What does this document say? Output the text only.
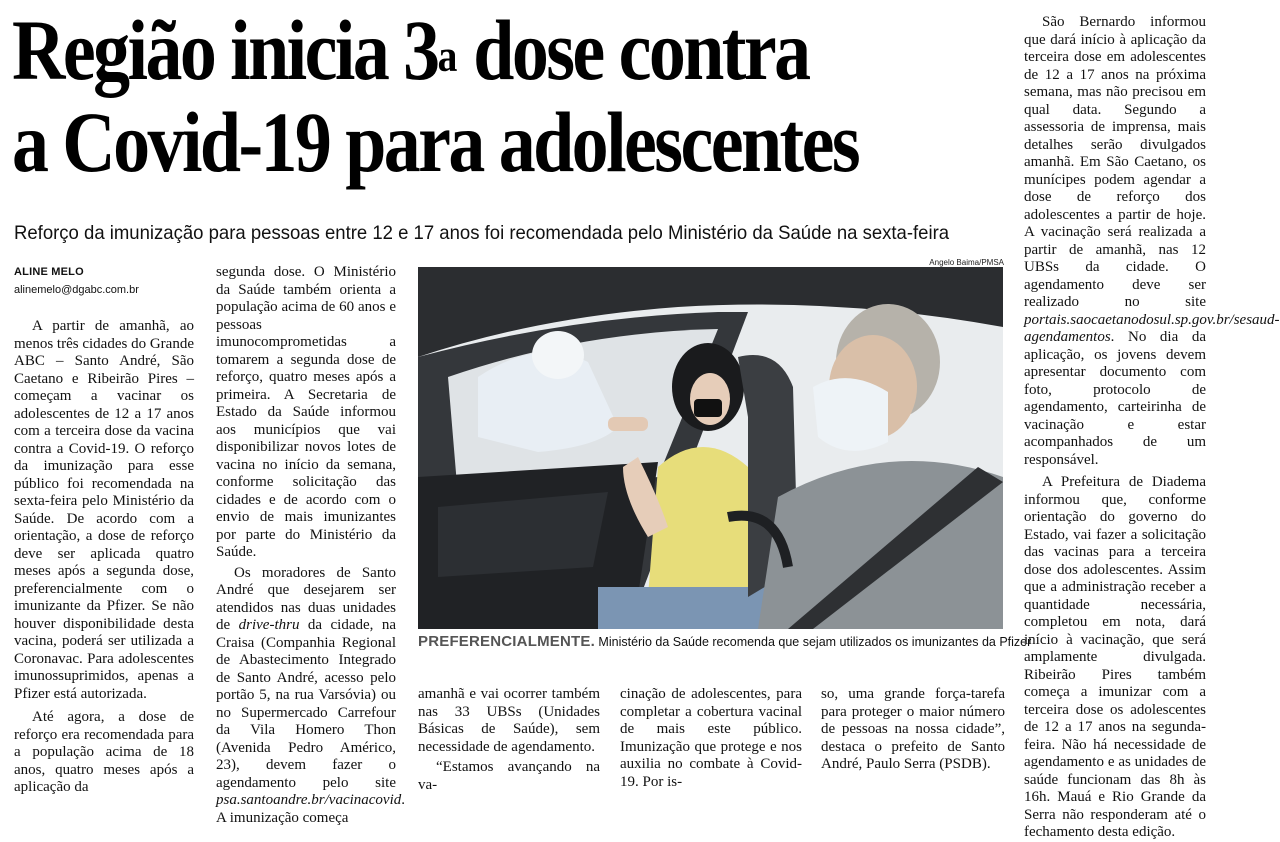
Região inicia 3$^a$ dose contra
a Covid-19 para adolescentes
Reforço da imunização para pessoas entre 12 e 17 anos foi recomendada pelo Ministério da Saúde na sexta-feira
ALINE MELO
alinemelo@dgabc.com.br

A partir de amanhã, ao menos três cidades do Grande ABC – Santo André, São Caetano e Ribeirão Pires – começam a vacinar os adolescentes de 12 a 17 anos com a terceira dose da vacina contra a Covid-19. O reforço da imunização para esse público foi recomendada na sexta-feira pelo Ministério da Saúde. De acordo com a orientação, a dose de reforço deve ser aplicada quatro meses após a segunda dose, preferencialmente com o imunizante da Pfizer. Se não houver disponibilidade desta vacina, poderá ser utilizada a Coronavac. Para adolescentes imunossuprimidos, apenas a Pfizer está autorizada.

Até agora, a dose de reforço era recomendada para a população acima de 18 anos, quatro meses após a aplicação da

segunda dose. O Ministério da Saúde também orienta a população acima de 60 anos e pessoas imunocomprometidas a tomarem a segunda dose de reforço, quatro meses após a primeira. A Secretaria de Estado da Saúde informou aos municípios que vai disponibilizar novos lotes de vacina no início da semana, conforme solicitação das cidades e de acordo com o envio de mais imunizantes por parte do Ministério da Saúde.

Os moradores de Santo André que desejarem ser atendidos nas duas unidades de drive-thru da cidade, na Craisa (Companhia Regional de Abastecimento Integrado de Santo André, acesso pelo portão 5, na rua Varsóvia) ou no Supermercado Carrefour da Vila Homero Thon (Avenida Pedro Américo, 23), devem fazer o agendamento pelo site psa.santoandre.br/vacinacovid. A imunização começa

Angelo Baima/PMSA
PREFERENCIALMENTE. Ministério da Saúde recomenda que sejam utilizados os imunizantes da Pfizer

amanhã e vai ocorrer também nas 33 UBSs (Unidades Básicas de Saúde), sem necessidade de agendamento.

“Estamos avançando na va-

cinação de adolescentes, para completar a cobertura vacinal de mais este público. Imunização que protege e nos auxilia no combate à Covid-19. Por is-

so, uma grande força-tarefa para proteger o maior número de pessoas na nossa cidade”, destaca o prefeito de Santo André, Paulo Serra (PSDB).

São Bernardo informou que dará início à aplicação da terceira dose em adolescentes de 12 a 17 anos na próxima semana, mas não precisou em qual data. Segundo a assessoria de imprensa, mais detalhes serão divulgados amanhã. Em São Caetano, os munícipes podem agendar a dose de reforço dos adolescentes a partir de hoje. A vacinação será realizada a partir de amanhã, nas 12 UBSs da cidade. O agendamento deve ser realizado no site portais.saocaetanodosul.sp.gov.br/sesaud-agendamentos. No dia da aplicação, os jovens devem apresentar documento com foto, protocolo de agendamento, carteirinha de vacinação e estar acompanhados de um responsável.

A Prefeitura de Diadema informou que, conforme orientação do governo do Estado, vai fazer a solicitação das vacinas para a terceira dose dos adolescentes. Assim que a administração receber a quantidade necessária, completou em nota, dará início à vacinação, que será amplamente divulgada. Ribeirão Pires também começa a imunizar com a terceira dose os adolescentes de 12 a 17 anos na segunda-feira. Não há necessidade de agendamento e as unidades de saúde funcionam das 8h às 16h. Mauá e Rio Grande da Serra não responderam até o fechamento desta edição.
